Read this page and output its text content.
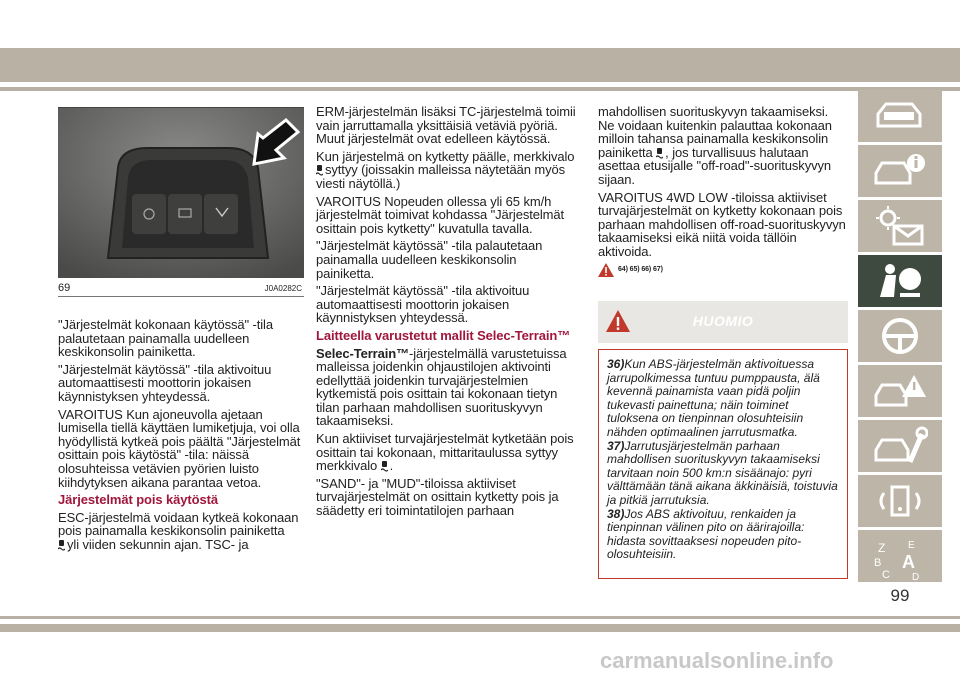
69	J0A0282C

"Järjestelmät kokonaan käytössä" -tila palautetaan painamalla uudelleen keskikonsolin painiketta.

"Järjestelmät käytössä" -tila aktivoituu automaattisesti moottorin jokaisen käynnistyksen yhteydessä.

VAROITUS Kun ajoneuvolla ajetaan lumisella tiellä käyttäen lumiketjuja, voi olla hyödyllistä kytkeä pois päältä "Järjestelmät osittain pois käytöstä" -tila: näissä olosuhteissa vetävien pyörien luisto kiihdytyksen aikana parantaa vetoa.

Järjestelmät pois käytöstä

ESC-järjestelmä voidaan kytkeä kokonaan pois painamalla keskikonsolin painiketta
yli viiden sekunnin ajan. TSC- ja

ERM-järjestelmän lisäksi TC-järjestelmä toimii vain jarruttamalla yksittäisiä vetäviä pyöriä. Muut järjestelmät ovat edelleen käytössä.

Kun järjestelmä on kytketty päälle, merkkivalo syttyy (joissakin malleissa näytetään myös viesti näytöllä.)

VAROITUS Nopeuden ollessa yli 65 km/h järjestelmät toimivat kohdassa "Järjestelmät osittain pois kytketty" kuvatulla tavalla.

"Järjestelmät käytössä" -tila palautetaan painamalla uudelleen keskikonsolin painiketta.

"Järjestelmät käytössä" -tila aktivoituu automaattisesti moottorin jokaisen käynnistyksen yhteydessä.

Laitteella varustetut mallit Selec-Terrain™

Selec-Terrain™-järjestelmällä varustetuissa malleissa joidenkin ohjaustilojen aktivointi edellyttää joidenkin turvajärjestelmien kytkemistä pois osittain tai kokonaan tietyn tilan parhaan mahdollisen suorituskyvyn takaamiseksi.

Kun aktiiviset turvajärjestelmät kytketään pois osittain tai kokonaan, mittaritaulussa syttyy merkkivalo .

"SAND"- ja "MUD"-tiloissa aktiiviset turvajärjestelmät on osittain kytketty pois ja säädetty eri toimintatilojen parhaan

mahdollisen suorituskyvyn takaamiseksi. Ne voidaan kuitenkin palauttaa kokonaan milloin tahansa painamalla keskikonsolin painiketta , jos turvallisuus halutaan asettaa etusijalle "off-road"-suorituskyvyn sijaan.

VAROITUS 4WD LOW -tiloissa aktiiviset turvajärjestelmät on kytketty kokonaan pois parhaan mahdollisen off-road-suorituskyvyn takaamiseksi eikä niitä voida tällöin aktivoida.

64) 65) 66) 67)
HUOMIO

36)Kun ABS-järjestelmän aktivoituessa jarrupolkimessa tuntuu pumppausta, älä kevennä painamista vaan pidä poljin tukevasti painettuna; näin toiminet tuloksena on tienpinnan olosuhteisiin nähden optimaalinen jarrutusmatka.

37)Jarrutusjärjestelmän parhaan mahdollisen suorituskyvyn takaamiseksi tarvitaan noin 500 km:n sisäänajo: pyri välttämään tänä aikana äkkinäisiä, toistuvia ja pitkiä jarrutuksia.

38)Jos ABS aktivoituu, renkaiden ja tienpinnan välinen pito on äärirajoilla: hidasta sovittaaksesi nopeuden pito-olosuhteisiin.	Z E
B A
C D
99
carmanualsonline.info
